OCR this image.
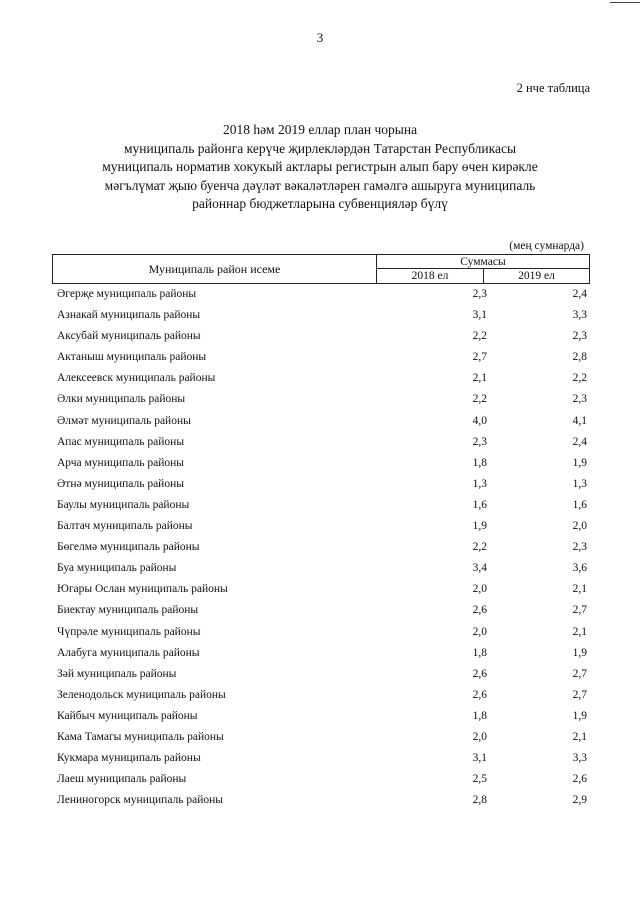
3
2 нче таблица
2018 һәм 2019 еллар план чорына
муниципаль районга керүче җирлекләрдән Татарстан Республикасы
муниципаль норматив хокукый актлары регистрын алып бару өчен кирәкле
мәгълүмат җыю буенча дәүләт вәкаләтләрен гамәлгә ашыруга муниципаль
районнар бюджетларына субвенцияләр бүлү
(мең сумнарда)
Муниципаль район исеме	Суммасы
2018 ел	2019 ел
Әгерҗе муниципаль районы	2,3	2,4
Азнакай муниципаль районы	3,1	3,3
Аксубай муниципаль районы	2,2	2,3
Актаныш муниципаль районы	2,7	2,8
Алексеевск муниципаль районы	2,1	2,2
Әлки муниципаль районы	2,2	2,3
Әлмәт муниципаль районы	4,0	4,1
Апас муниципаль районы	2,3	2,4
Арча муниципаль районы	1,8	1,9
Әтнә муниципаль районы	1,3	1,3
Баулы муниципаль районы	1,6	1,6
Балтач муниципаль районы	1,9	2,0
Бөгелмә муниципаль районы	2,2	2,3
Буа муниципаль районы	3,4	3,6
Югары Ослан муниципаль районы	2,0	2,1
Биектау муниципаль районы	2,6	2,7
Чүпрәле муниципаль районы	2,0	2,1
Алабуга муниципаль районы	1,8	1,9
Зәй муниципаль районы	2,6	2,7
Зеленодольск муниципаль районы	2,6	2,7
Кайбыч муниципаль районы	1,8	1,9
Кама Тамагы муниципаль районы	2,0	2,1
Кукмара муниципаль районы	3,1	3,3
Лаеш муниципаль районы	2,5	2,6
Лениногорск муниципаль районы	2,8	2,9
